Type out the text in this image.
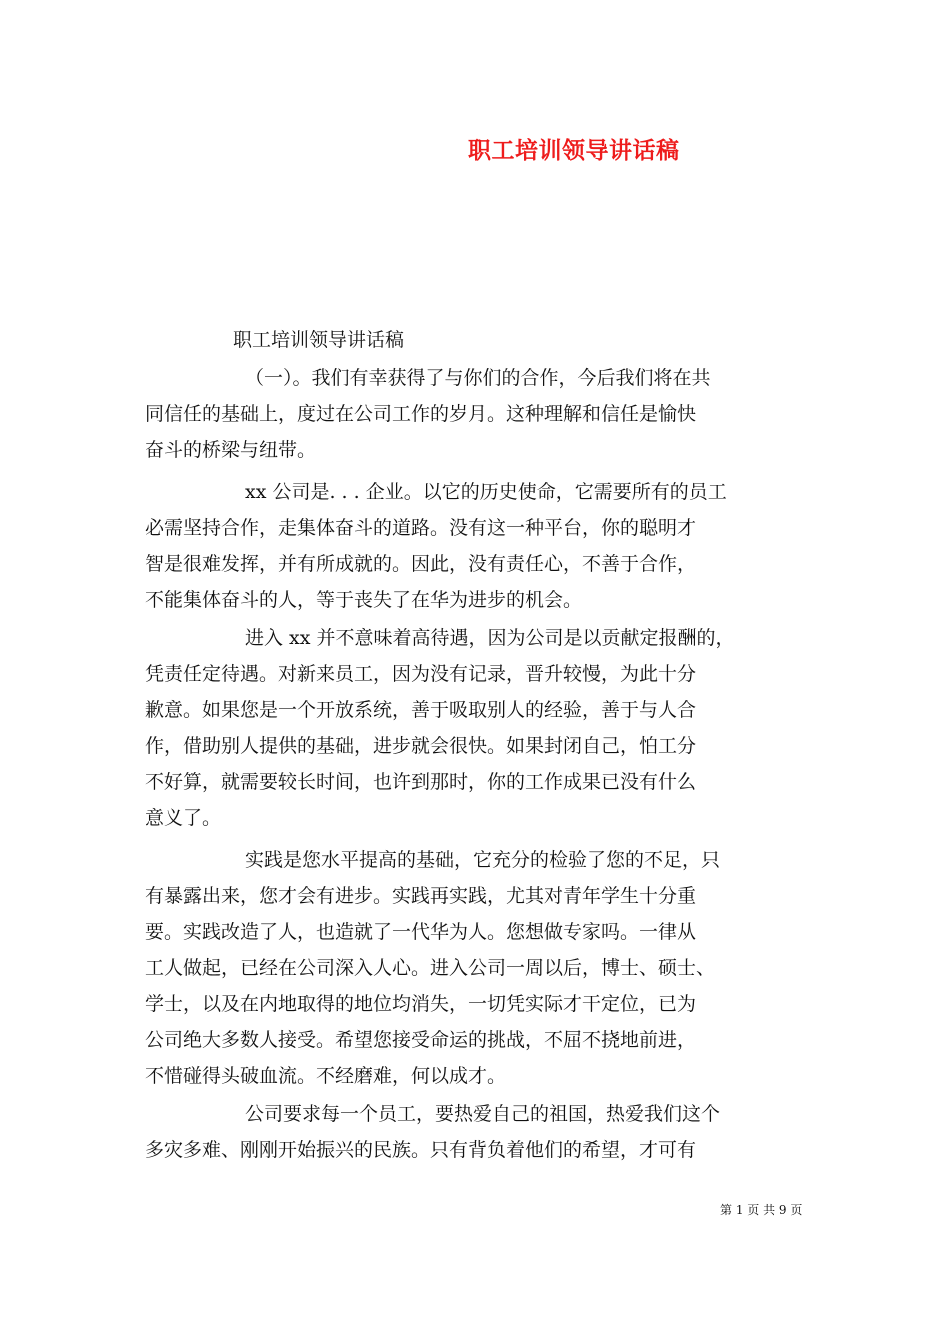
职工培训领导讲话稿

职工培训领导讲话稿

（一）。我们有幸获得了与你们的合作，今后我们将在共

同信任的基础上，度过在公司工作的岁月。这种理解和信任是愉快

奋斗的桥梁与纽带。

xx 公司是. . . 企业。以它的历史使命，它需要所有的员工

必需坚持合作，走集体奋斗的道路。没有这一种平台，你的聪明才

智是很难发挥，并有所成就的。因此，没有责任心，不善于合作，

不能集体奋斗的人，等于丧失了在华为进步的机会。

进入 xx 并不意味着高待遇，因为公司是以贡献定报酬的，

凭责任定待遇。对新来员工，因为没有记录，晋升较慢，为此十分

歉意。如果您是一个开放系统，善于吸取别人的经验，善于与人合

作，借助别人提供的基础，进步就会很快。如果封闭自己，怕工分

不好算，就需要较长时间，也许到那时，你的工作成果已没有什么

意义了。

实践是您水平提高的基础，它充分的检验了您的不足，只

有暴露出来，您才会有进步。实践再实践，尤其对青年学生十分重

要。实践改造了人，也造就了一代华为人。您想做专家吗。一律从

工人做起，已经在公司深入人心。进入公司一周以后，博士、硕士、

学士，以及在内地取得的地位均消失，一切凭实际才干定位，已为

公司绝大多数人接受。希望您接受命运的挑战，不屈不挠地前进，

不惜碰得头破血流。不经磨难，何以成才。

公司要求每一个员工，要热爱自己的祖国，热爱我们这个

多灾多难、刚刚开始振兴的民族。只有背负着他们的希望，才可有

第 1 页 共 9 页
